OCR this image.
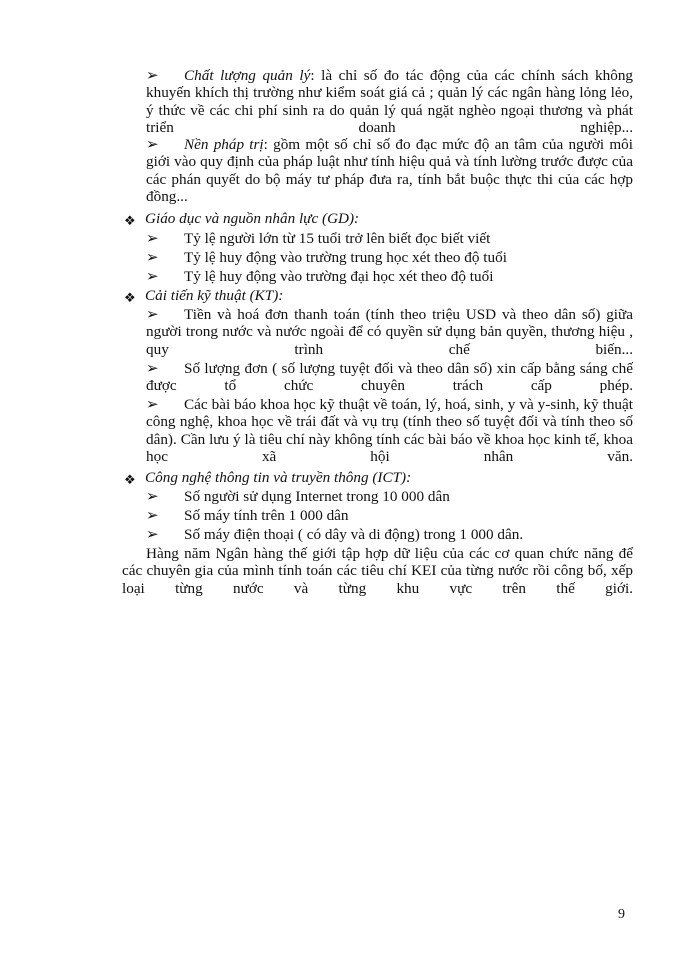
➢ Chất lượng quản lý: là chỉ số đo tác động của các chính sách không khuyến khích thị trường như kiểm soát giá cả ; quản lý các ngân hàng lỏng lẻo, ý thức về các chi phí sinh ra do quản lý quá ngặt nghèo ngoại thương và phát triển doanh nghiệp...
➢ Nền pháp trị: gồm một số chỉ số đo đạc mức độ an tâm của người môi giới vào quy định của pháp luật như tính hiệu quả và tính lường trước được của các phán quyết do bộ máy tư pháp đưa ra, tính bắt buộc thực thi của các hợp đồng...
❖ Giáo dục và nguồn nhân lực (GD):
➢ Tỷ lệ người lớn từ 15 tuổi trở lên biết đọc biết viết
➢ Tỷ lệ huy động vào trường trung học xét theo độ tuổi
➢ Tỷ lệ huy động vào trường đại học xét theo độ tuổi
❖ Cải tiến kỹ thuật (KT):
➢ Tiền và hoá đơn thanh toán (tính theo triệu USD và theo dân số) giữa người trong nước và nước ngoài để có quyền sử dụng bản quyền, thương hiệu , quy trình chế biến...
➢ Số lượng đơn ( số lượng tuyệt đối và theo dân số) xin cấp bằng sáng chế được tổ chức chuyên trách cấp phép.
➢ Các bài báo khoa học kỹ thuật về toán, lý, hoá, sinh, y và y-sinh, kỹ thuật công nghệ, khoa học về trái đất và vụ trụ (tính theo số tuyệt đối và tính theo số dân). Cần lưu ý là tiêu chí này không tính các bài báo về khoa học kinh tế, khoa học xã hội nhân văn.
❖ Công nghệ thông tin và truyền thông (ICT):
➢ Số người sử dụng Internet trong 10 000 dân
➢ Số máy tính trên 1 000 dân
➢ Số máy điện thoại ( có dây và di động) trong 1 000 dân.
Hàng năm Ngân hàng thế giới tập hợp dữ liệu của các cơ quan chức năng để các chuyên gia của mình tính toán các tiêu chí KEI của từng nước rồi công bố, xếp loại từng nước và từng khu vực trên thế giới.
9
